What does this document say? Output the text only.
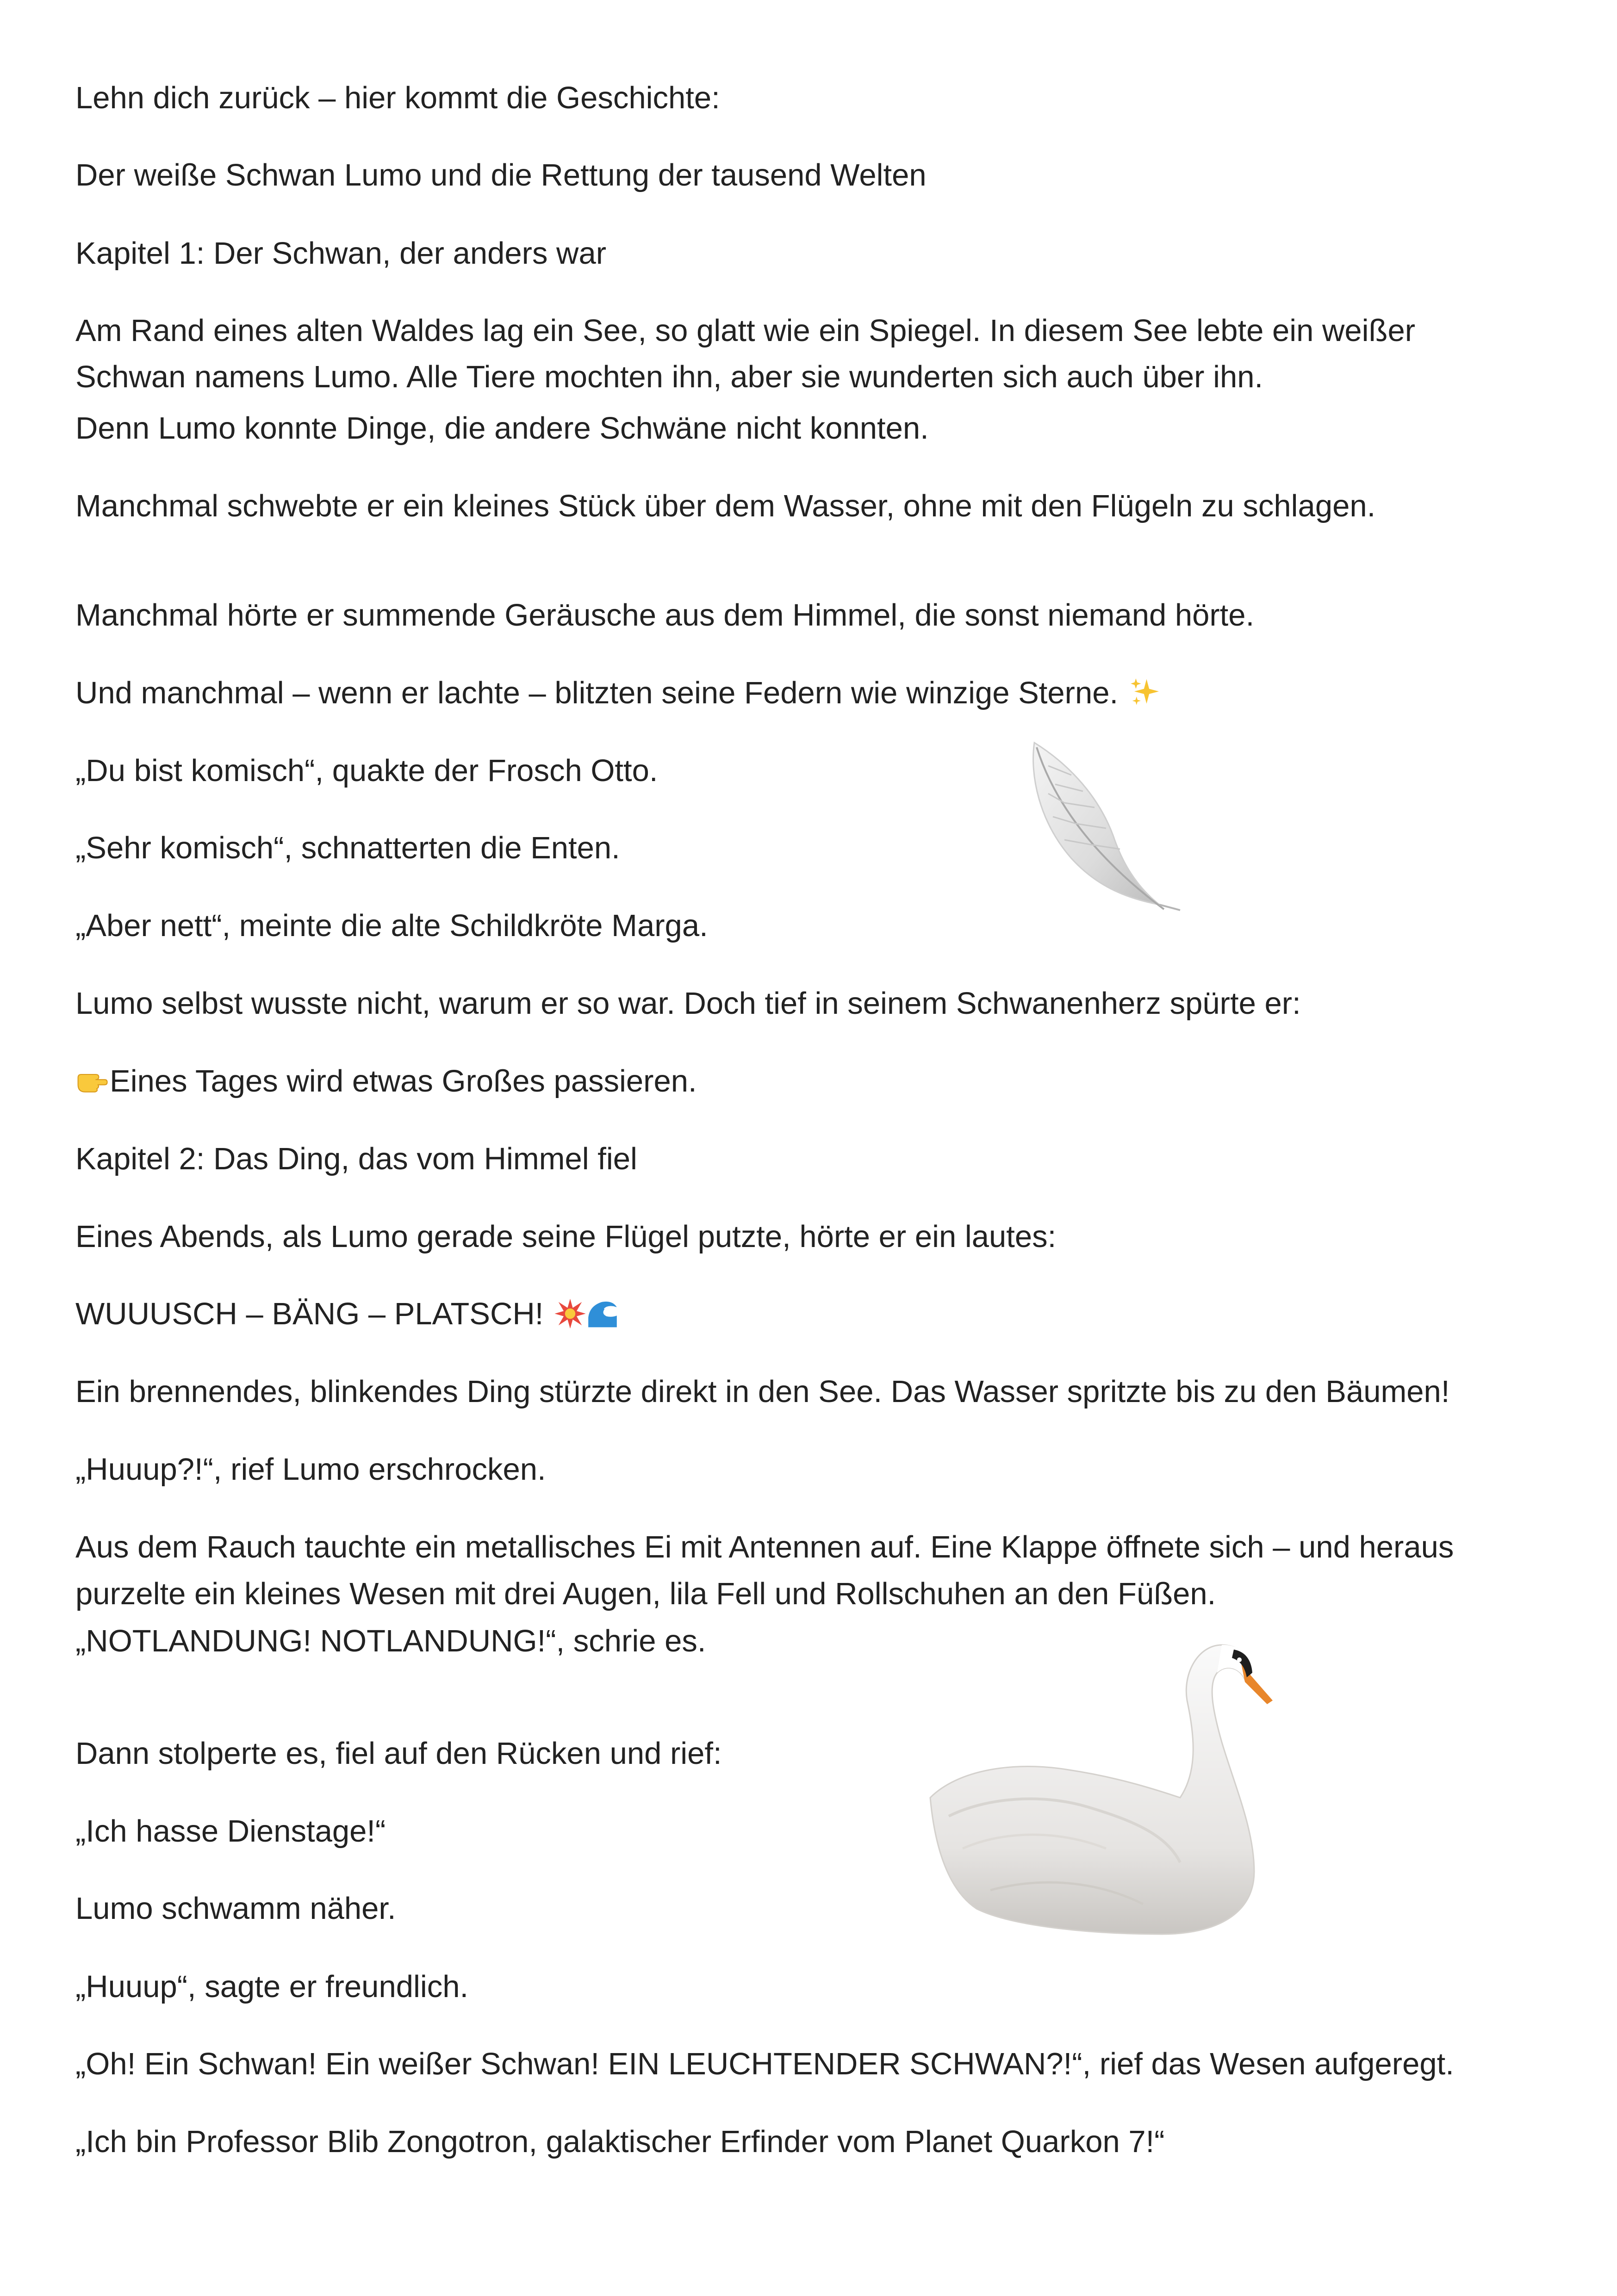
Lehn dich zurück – hier kommt die Geschichte:

Der weiße Schwan Lumo und die Rettung der tausend Welten

Kapitel 1: Der Schwan, der anders war

Am Rand eines alten Waldes lag ein See, so glatt wie ein Spiegel. In diesem See lebte ein weißer

Schwan namens Lumo. Alle Tiere mochten ihn, aber sie wunderten sich auch über ihn.

Denn Lumo konnte Dinge, die andere Schwäne nicht konnten.

Manchmal schwebte er ein kleines Stück über dem Wasser, ohne mit den Flügeln zu schlagen.

Manchmal hörte er summende Geräusche aus dem Himmel, die sonst niemand hörte.

Und manchmal – wenn er lachte – blitzten seine Federn wie winzige Sterne.

„Du bist komisch“, quakte der Frosch Otto.

„Sehr komisch“, schnatterten die Enten.

„Aber nett“, meinte die alte Schildkröte Marga.

Lumo selbst wusste nicht, warum er so war. Doch tief in seinem Schwanenherz spürte er:

Eines Tages wird etwas Großes passieren.

Kapitel 2: Das Ding, das vom Himmel fiel

Eines Abends, als Lumo gerade seine Flügel putzte, hörte er ein lautes:

WUUUSCH – BÄNG – PLATSCH!

Ein brennendes, blinkendes Ding stürzte direkt in den See. Das Wasser spritzte bis zu den Bäumen!

„Huuup?!“, rief Lumo erschrocken.

Aus dem Rauch tauchte ein metallisches Ei mit Antennen auf. Eine Klappe öffnete sich – und heraus

purzelte ein kleines Wesen mit drei Augen, lila Fell und Rollschuhen an den Füßen.

„NOTLANDUNG! NOTLANDUNG!“, schrie es.

Dann stolperte es, fiel auf den Rücken und rief:

„Ich hasse Dienstage!“

Lumo schwamm näher.

„Huuup“, sagte er freundlich.

„Oh! Ein Schwan! Ein weißer Schwan! EIN LEUCHTENDER SCHWAN?!“, rief das Wesen aufgeregt.

„Ich bin Professor Blib Zongotron, galaktischer Erfinder vom Planet Quarkon 7!“
